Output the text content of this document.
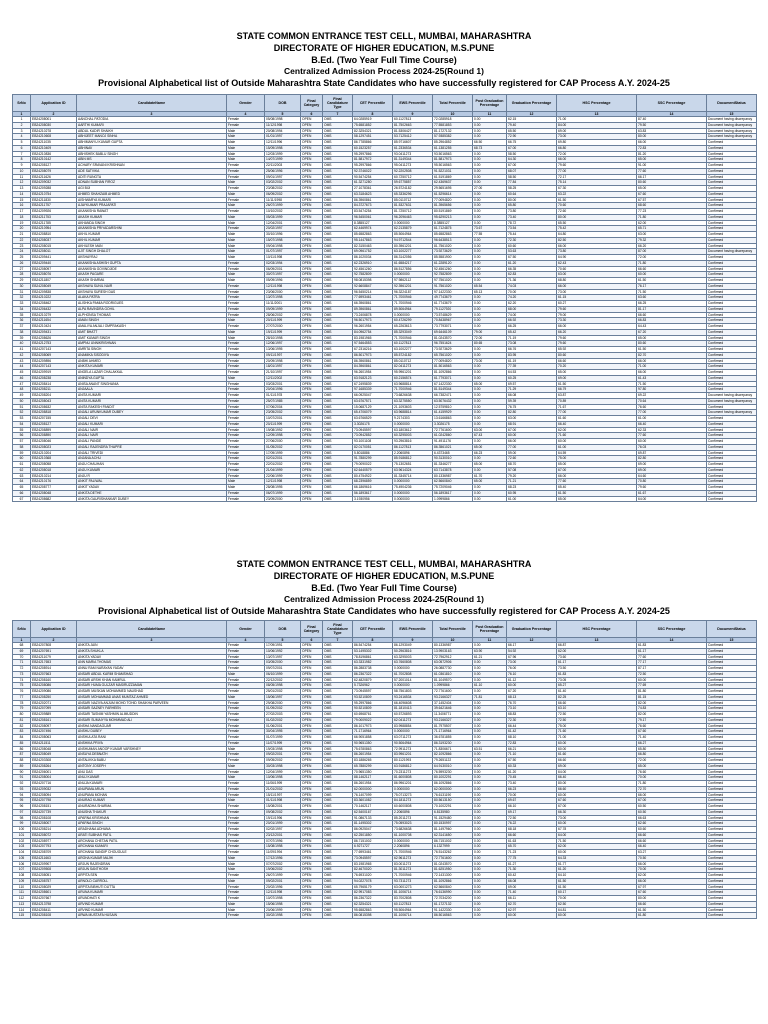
STATE COMMON ENTRANCE TEST CELL, MUMBAI, MAHARASHTRA
DIRECTORATE OF HIGHER EDUCATION, M.S.PUNE
B.Ed. (Two Year Full Time Course)
Centralized Admission Process 2024-25(Round 1)
Provisional Alphabetical list of Outside Maharashtra State Candidates who have successfully registered for CAP Process A.Y. 2024-25
SrNo	Application ID	CandidateName	Gender	DOB	Final Category	Final Candidature Type	CET Percentile	EWS Percentile	Total Percentile	Post Graduation Percentage	Graduation Percentage	HSC Percentage	SSC Percentage	DocumentStatus
1	2	3	4	5	6	7	8	9	10	11	12	13	14	15
1	EB24208001	AANCHAL PATODIA	Female	05/08/1998	OPEN	OMS	64.0285919	60.1127813	72.0285918	0.00	62.15	71.00	87.40	Document having discrepancy
2	EB24208030	AARTHI KUMARI	Female	11/12/1998	OPEN	OMS	75.6581852	81.7502663	77.5581853	0.00	79.40	84.00	79.50	Document having discrepancy
3	EB24210278	ABDUL KADIR SHAIKH	Male	20/08/1994	OPEN	OMS	82.3254321	81.5306427	81.1727132	0.00	65.50	69.00	63.83	Document having discrepancy
4	EB24210608	ABHIJEET MANOJ SINHA	Male	01/01/1997	OPEN	OMS	58.1297451	53.7125412	57.9385382	0.00	72.90	73.00	80.00	Document having discrepancy
5	EB24211035	ABHIMANYU KUMAR GUPTA	Male	12/11/1996	OPEN	OMS	86.7785866	85.9716607	85.2964852	66.50	66.75	69.80	66.00	Confirmed
6	EB24210409	ABHINAV	Male	15/09/1998	OPEN	OMS	60.1523257	61.2336534	61.1381255	68.73	67.00	66.80	72.83	Confirmed
7	EB24210836	ABHISHEK BABLU SINGH	Male	12/03/1999	OPEN	OMS	95.2997866	93.0411273	93.5016563	0.00	58.50	72.00	81.20	Confirmed
8	EB24210142	ABIN MS	Male	14/07/1999	OPEN	OMS	81.5817972	81.3149344	81.5817973	0.00	64.30	66.00	65.00	Confirmed
9	EB24208127	ACHARY SRAVANI KRISHNAN	Female	22/11/2003	OPEN	OMS	95.2997866	95.0411273	95.5016563	0.00	67.00	79.60	91.00	Confirmed
10	EB24208079	ADE SATVIKA	Female	25/06/1996	OPEN	OMS	92.3746022	92.2202508	91.5221031	0.00	68.07	77.00	77.60	Confirmed
11	EB24211626	ADITI RUNGTA	Female	09/01/1997	OPEN	OMS	90.5474254	60.7250712	61.5191869	0.00	58.50	72.17	66.17	Confirmed
12	EB24209032	ADNAN SUBHAN FIROZ	Male	03/02/2002	OPEN	OMS	61.3271280	59.6775857	62.4369637	0.00	77.84	75.14	80.60	Confirmed
13	EB24209288	AGI BIJI	Female	23/08/2002	OPEN	OMS	27.1078361	26.5724182	29.5651695	27.00	58.25	67.30	65.00	Confirmed
14	EB24210754	AHMED SHAHZAIB AHMED	Male	06/09/2002	OPEN	OMS	63.3184623	65.3336296	61.5296614	0.00	60.64	63.22	67.60	Confirmed
15	EB24211830	AISHWARYA KUMARI	Female	11/11/1998	OPEN	OMS	86.3960861	85.0110712	77.0094820	0.00	80.00	61.50	67.57	Confirmed
16	EB24211757	AJAYKUMAR PRAJAPATI	Male	26/07/1999	OPEN	OMS	84.3727673	81.5327631	81.3965656	0.00	65.80	70.60	68.60	Confirmed
17	EB24209926	AKANKSHA RAWAT	Female	10/10/2002	OPEN	OMS	83.5474254	81.7250712	80.5191869	0.00	73.80	72.60	77.23	Confirmed
18	EB24211753	AKASH KUMAR	Male	05/03/1999	OPEN	OMS	96.5450061	96.2096463	95.6290213	0.00	73.40	80.00	71.80	Confirmed
19	EB24211785	AKHANDA SINGH	Male	12/04/2001	OPEN	OMS	8.3855127	0.0000000	8.3855127	0.00	78.72	65.50	62.00	Confirmed
20	EB24210954	AKANKSHA PRIYADARSHINI	Female	20/02/1997	OPEN	OMS	62.4469974	62.2135879	61.7124875	73.67	73.54	75.42	65.71	Confirmed
21	EB24208810	AKHIL KUMAR	Male	30/10/1996	OPEN	OMS	85.6582863	85.5064964	85.6582863	77.55	75.44	64.80	63.00	Confirmed
22	EB24208037	AKHIL KUMAR	Male	15/07/1998	OPEN	OMS	95.1447863	94.9712544	96.6438513	0.00	72.30	82.50	79.32	Confirmed
23	EB24208015	AKHILESH MAN	Male	09/04/1998	OPEN	OMS	82.3150463	80.3961201	81.7561020	0.00	60.60	66.00	66.20	Confirmed
24	EB24208011	AJIT SINGH DHALOT	Male	01/07/1997	OPEN	OMS	69.0961752	63.1002277	73.9273629	0.00	53.63	73.80	87.00	Document having discrepancy
25	EB24209441	AKSHAYRAJ	Male	10/11/1998	OPEN	OMS	86.1020034	86.3142056	85.5581900	0.00	67.50	64.90	72.00	Confirmed
26	EB24209440	AKANKSHA ASHISH GUPTA	Female	02/03/1994	OPEN	OMS	62.2326910	61.6584217	61.2289120	0.00	61.20	62.43	71.80	Confirmed
27	EB24208097	AKANKSHA GOVINDJIDE	Female	06/09/2001	OPEN	OMS	92.4561260	86.5127856	92.4561260	0.00	66.35	70.60	66.60	Confirmed
28	EB24208076	AKASH PAGARE	Male	30/07/1997	OPEN	OMS	92.7582809	0.0000000	92.7582809	0.00	62.83	63.00	60.00	Confirmed
29	EB24211807	AKASH SHARMA	Male	05/09/1996	OPEN	OMS	98.0815398	97.9862112	97.7561020	0.00	71.36	68.80	61.50	Confirmed
30	EB24208049	AKSHAYA SUNIL NAIR	Female	12/11/1998	OPEN	OMS	92.6608847	92.3961201	91.7561020	65.54	74.03	66.00	76.17	Confirmed
31	EB24209838	AKSHAYA SURESH DAS	Female	23/06/2000	OPEN	OMS	96.5450214	96.3224187	97.1422330	65.13	70.00	73.00	71.50	Confirmed
32	EB24210222	ALAKA PATRA	Female	13/07/1998	OPEN	OMS	77.6993461	71.7000946	49.7743679	0.00	74.20	61.15	63.60	Confirmed
33	EB24208462	ALISHKA PAMIA RODRIGUES	Female	11/11/2001	OPEN	OMS	66.3960861	71.7000946	61.7743679	0.00	62.20	60.27	66.25	Confirmed
34	EB24206432	ALPA RAVINDRA GOHIL	Female	09/09/1999	OPEN	OMS	89.3960861	89.5064964	79.1127920	0.00	68.00	79.60	81.17	Confirmed
35	EB24210279	ALPHONSA THOMAS	Female	28/06/2002	OPEN	OMS	73.2406878	0.0000000	73.5748629	0.00	74.00	79.00	66.60	Confirmed
36	EB24211654	AMAN SINGH	Male	20/11/1999	OPEN	OMS	96.5017973	60.4726299	70.8438967	0.00	66.92	73.30	66.83	Confirmed
37	EB24210424	AMALIYA ANJALI OMPRAKASH	Female	27/07/2000	OPEN	OMS	96.2601954	65.2263613	73.7793071	0.00	66.25	66.00	64.43	Confirmed
38	EB24209431	AMIT BHATT	Male	19/11/1999	OPEN	OMS	84.0962754	85.3293049	69.6446109	79.00	65.42	66.20	67.20	Confirmed
39	EB24208626	AMIT KUMAR SINGH	Male	28/10/1998	OPEN	OMS	83.1981965	71.7000946	81.0243570	72.00	71.19	79.60	65.00	Confirmed
40	EB24212753	AMPNU UNNIKRISHNAN	Female	12/06/1997	OPEN	OMS	97.5464553	60.1127813	96.7551624	80.65	73.08	79.60	80.60	Confirmed
41	EB24207143	AMRITA SINGH	Female	13/06/1995	OPEN	OMS	67.2316216	63.1002277	73.9273629	0.00	66.76	65.92	61.50	Confirmed
42	EB24208069	ANAMIKA SISODIYA	Female	09/11/1997	OPEN	OMS	86.5017973	85.5724182	65.7561020	0.00	83.95	80.60	82.70	Confirmed
43	EB24209896	ANBHI AHMED	Female	20/09/1998	OPEN	OMS	86.3960861	85.0110712	77.0094820	73.00	61.19	66.60	66.00	Confirmed
44	EB24207143	ANKITA KUMARI	Female	18/01/1997	OPEN	OMS	84.3960861	82.0411273	81.5016563	0.00	77.39	70.20	71.00	Confirmed
45	EB24209919	ANGELA LAZAR CHALAKKAL	Female	21/10/1997	OPEN	OMS	96.2601954	95.9961201	81.1092866	0.00	64.53	65.00	66.00	Confirmed
46	EB24208238	ANINDYA GUPTA	Male	12/11/2002	OPEN	OMS	63.9182123	60.2156574	61.7793071	0.00	60.25	69.00	61.43	Confirmed
47	EB24208414	ANISA ANANT SINGHANIA	Female	03/03/2001	OPEN	OMS	67.2495839	63.9688814	67.1422330	65.00	69.57	61.50	71.50	Confirmed
48	EB24208211	ANJAALA	Female	20/04/1996	OPEN	OMS	97.1685339	71.7000946	81.5149344	0.00	71.29	66.79	97.80	Confirmed
49	EB24208204	ANITA KUMARI	Female	01/11/1978	OPEN	OMS	66.0925047	73.6826638	66.7382471	0.00	66.08	63.87	69.22	Document having discrepancy
50	EB24208043	ANITA KUMARI	Female	25/07/1985	OPEN	OMS	63.6767571	63.3275550	63.5076432	0.00	59.39	70.89	70.64	Document having discrepancy
51	EB24208632	ANITA RAKESH PANDIT	Female	07/06/2004	OPEN	OMS	15.0687129	21.1093603	12.5759810	0.00	76.75	71.67	76.60	Confirmed
52	EB24208818	ANJALI ARUNKUMAR DUBEY	Female	23/05/2002	OPEN	OMS	65.4706079	63.9688814	61.4159929	0.00	82.80	77.00	77.00	Document having discrepancy
53	EB24207155	ANJALI DEVI	Female	10/07/2001	OPEN	OMS	63.6766529	9.2174303	13.6166863	0.00	63.00	61.60	61.00	Confirmed
54	EB24208127	ANJALI KUMARI	Female	20/11/1999	OPEN	OMS	3.3026175	0.0000000	3.3026175	0.00	68.91	66.40	66.40	Confirmed
55	EB24208899	ANJALI NAIR	Female	19/08/1992	OPEN	OMS	73.0945597	63.1803612	72.7761600	63.00	67.00	62.00	62.33	Confirmed
56	EB24208890	ANJALI NAIR	Female	12/09/1998	OPEN	OMS	73.0942852	60.3295003	61.0242860	67.43	60.00	71.60	77.60	Confirmed
57	EB24208046	ANJALI PANDE	Female	27/06/2000	OPEN	OMS	93.1001108	93.2963816	91.4911176	0.00	66.00	60.00	60.00	Confirmed
58	EB24208023	ANJALI RAJENDRA THAPRE	Female	01/05/2002	OPEN	OMS	82.0170051	86.1127813	86.3561021	65.00	77.00	61.00	76.03	Confirmed
59	EB24210204	ANJALI TRIVEDI	Female	17/09/1999	OPEN	OMS	5.8018886	2.2060896	6.4373465	66.23	59.00	64.59	69.87	Confirmed
60	EB24210368	ANJANA ACHU	Female	02/01/2001	OPEN	OMS	91.7880299	85.9186812	90.3130010	0.00	72.60	75.00	82.80	Confirmed
61	EB24208058	ANJU CHAUHAN	Female	22/01/2002	OPEN	OMS	79.0090022	75.1302651	81.3346277	65.00	68.70	65.00	69.00	Confirmed
62	EB24208018	ANJU KUMARI	Female	21/04/1999	OPEN	OMS	62.6440579	63.9614324	63.7143878	0.00	57.08	67.00	69.00	Confirmed
63	EB24210214	ANJU R	Female	22/06/1999	OPEN	OMS	80.4754922	81.3345714	80.1336987	61.70	79.20	66.00	64.60	Confirmed
64	EB24210176	ANKIT PALIWAL	Male	12/11/1998	OPEN	OMS	68.2396859	0.0000000	62.5660840	65.00	71.21	77.60	70.80	Confirmed
65	EB24208777	ANKIT YADAV	Male	28/08/1995	OPEN	OMS	66.1869616	75.4904236	75.7209046	0.00	68.23	65.40	79.60	Confirmed
66	EB24208048	ANKITA DETHE	Female	06/07/1999	OPEN	OMS	56.1893617	0.0000000	56.1893617	0.00	60.95	61.50	61.67	Confirmed
67	EB24208682	ANKITA GAURISHANKAR DUBEY	Female	23/09/2000	OPEN	OMS	3.1930956	0.0000000	1.0999866	0.00	61.00	65.00	64.00	Confirmed
STATE COMMON ENTRANCE TEST CELL, MUMBAI, MAHARASHTRA
DIRECTORATE OF HIGHER EDUCATION, M.S.PUNE
B.Ed. (Two Year Full Time Course)
Centralized Admission Process 2024-25(Round 1)
Provisional Alphabetical list of Outside Maharashtra State Candidates who have successfully registered for CAP Process A.Y. 2024-25
SrNo	Application ID	CandidateName	Gender	DOB	Final Category	Final Candidature Type	CET Percentile	EWS Percentile	Total Percentile	Post Graduation Percentage	Graduation Percentage	HSC Percentage	SSC Percentage	DocumentStatus
1	2	3	4	5	6	7	8	9	10	11	12	13	14	15
68	EB24207808	ANKITA JAIN	Female	17/09/1991	OPEN	OMS	86.5474254	86.1293049	80.1336987	0.00	66.17	66.87	61.83	Confirmed
69	EB24207691	ANKITA SHUKLA	Female	10/06/1992	OPEN	OMS	53.1495302	50.2963816	13.9903163	63.90	54.92	62.00	61.17	Confirmed
70	EB24211079	ANKITA YADAV	Female	13/07/1997	OPEN	OMS	78.8196861	63.3295003	72.7962912	61.21	67.96	73.60	77.60	Confirmed
71	EB24217653	ANN MARIA THOMAS	Female	03/05/2000	OPEN	OMS	63.3331982	63.7660808	63.0572906	0.00	73.00	61.17	77.17	Confirmed
72	EB24208914	ANNU RAM NARAYAN YADAV	Female	09/07/2001	OPEN	OMS	86.2883738	0.0000000	26.0887730	0.00	76.00	73.50	87.17	Confirmed
73	EB24207663	ANSARI ABDUL KARIM SHAMSHAD	Male	06/10/1999	OPEN	OMS	86.2367322	61.7002808	61.0361810	0.00	76.10	61.83	72.50	Confirmed
74	EB24208160	ANSARI ARSHI KHAN KAMRUL	Female	22/12/2002	OPEN	OMS	62.4820879	57.2001014	81.1049570	0.00	61.12	73.05	60.00	Confirmed
75	EB24208086	ANSARI HUMA GULZAR MASIRUZZAMAN	Female	08/05/1998	OPEN	OMS	5.7326962	0.0000000	1.0999866	61.10	60.00	65.27	77.69	Confirmed
76	EB24209086	ANSARI MUSKAN MOHAMMED NAUSHAD	Female	25/01/2002	OPEN	OMS	73.0945597	58.7561803	72.7761600	0.00	67.20	61.40	81.80	Confirmed
77	EB24208250	ANSARI MOHAMMAD ANAS MUMTAZ AHMED	Male	15/06/1997	OPEN	OMS	93.5210809	93.2416534	93.2166327	71.81	68.13	82.25	81.15	Confirmed
78	EB24202071	ANSARI NAZIYA ANJUM MOHD TOHID SHAIKHA PARVEEN	Female	29/08/2000	OPEN	OMS	95.2997866	66.4096608	37.1452404	0.00	76.70	66.60	82.00	Confirmed
79	EB24207099	ANSARI SAZNEY FARHEEN	Female	01/09/2002	OPEN	OMS	90.5210809	81.1810413	39.6421646	0.00	73.10	63.10	74.83	Confirmed
80	EB24209889	ANSARI TASNIM YASHMIN ALIMUDDIN	Female	27/02/2003	OPEN	OMS	60.6968761	60.5726893	11.3406771	0.00	68.83	72.50	82.00	Confirmed
81	EB24208161	ANSARI SUMAIYYA MOHMMAD ALI	Female	01/02/2002	OPEN	OMS	79.0009022	62.0411273	93.2166327	0.00	72.30	72.50	79.17	Confirmed
82	EB24208097	ANSHA NANDAGUAR	Female	01/06/2001	OPEN	OMS	86.1017973	83.9988854	81.7975507	0.00	66.44	75.00	76.60	Confirmed
83	EB24207496	ANSHU DUBEY	Female	30/04/1995	OPEN	OMS	71.1716964	0.0000000	71.1716964	0.00	61.42	71.60	67.60	Confirmed
84	EB24208063	ANSHULATA RANI	Female	01/07/1999	OPEN	OMS	66.9051858	63.0711273	36.6781855	0.00	68.10	71.00	71.40	Confirmed
85	EB24211511	ANSHIKA PRIYA	Female	11/07/1999	OPEN	OMS	90.9651350	90.5064964	86.3193230	0.00	72.83	60.00	66.27	Confirmed
86	EB24208048	ANSHUMAN ANOOP KUMAR VARSHNEY	Male	19/03/1998	OPEN	OMS	75.6780863	72.9911273	71.8306671	63.51	66.21	60.00	65.80	Confirmed
87	EB24208049	ANSUYA DEBNATH	Female	09/02/2001	OPEN	OMS	86.2601954	83.9961201	82.1092866	0.00	71.10	61.60	66.80	Confirmed
88	EB24203308	ANTALIKKA BABU	Female	09/05/2002	OPEN	OMS	83.1886265	80.1121993	79.2651122	0.00	67.50	66.60	72.00	Confirmed
89	EB24208264	ANTONY JOSEPH	Male	30/03/1998	OPEN	OMS	65.7880299	63.9186812	64.9130010	0.00	60.33	69.00	65.00	Confirmed
90	EB24206001	ANU DAS	Female	12/04/1999	OPEN	OMS	70.9651350	70.2311273	76.5993230	0.00	61.20	64.00	76.60	Confirmed
91	EB24208004	ANUJ KUMAR	Male	10/06/1998	OPEN	OMS	88.1462117	81.6000808	80.1002291	0.00	70.45	66.40	70.00	Confirmed
92	EB24207716	ANUJA KUMARI	Female	11/06/1999	OPEN	OMS	86.2601954	86.9961201	86.1092866	0.00	73.40	80.00	71.80	Confirmed
93	EB24209032	ANUPAMA ARUN	Female	21/01/2002	OPEN	OMS	62.0000000	0.0000000	62.0000000	0.00	66.23	66.60	72.70	Confirmed
94	EB24208094	ANUPAMA MOHAN	Female	15/11/1997	OPEN	OMS	76.1407099	75.0713273	76.6131190	0.00	70.00	60.00	66.00	Confirmed
95	EB24207798	ANURAG KUMAR	Male	01/11/1998	OPEN	OMS	83.3601082	84.1811273	80.5613150	0.00	69.67	67.60	67.00	Confirmed
96	EB24208151	ANURADHA SHARMA	Female	15/08/2001	OPEN	OMS	70.1462117	60.6000808	70.1002291	0.00	66.10	67.00	60.50	Confirmed
97	EB24207739	ANUSHA THAKUR	Female	09/08/2002	OPEN	OMS	62.5400167	2.2060896	6.8135980	0.00	69.17	66.30	60.50	Confirmed
98	EB24208108	APARNA KRISHNAN	Female	19/11/1996	OPEN	OMS	91.0867133	85.2011273	91.1529480	0.00	72.50	73.00	66.63	Confirmed
99	EB24208007	APARNA SINGH	Female	20/01/1999	OPEN	OMS	81.1495302	75.0593023	80.1530997	0.00	76.22	60.00	62.60	Confirmed
100	EB24208214	ARADHANA ADHANA	Female	02/02/1997	OPEN	OMS	86.0925047	73.6826638	81.1497960	0.00	68.18	67.78	60.60	Confirmed
101	EB24208072	ARATI SUBHAS PATIL	Female	23/12/2001	OPEN	OMS	62.2501850	61.1000708	62.3141650	0.00	66.60	64.00	66.60	Confirmed
102	EB24208977	ARCHANA CHETAN PATIL	Female	07/07/1996	OPEN	OMS	86.7151002	0.0000000	86.7151002	0.00	61.63	71.50	66.60	Confirmed
103	EB24207793	ARCHANA KUMARI	Female	15/08/1998	OPEN	OMS	6.9271727	2.2060896	6.1327999	0.00	65.70	62.00	66.40	Confirmed
104	EB24208709	ARCHANA SANDIP CHOUGULE	Female	11/09/1994	OPEN	OMS	77.6993461	71.7000946	76.5143262	0.00	71.23	60.00	63.27	Confirmed
105	EB24211663	ARGHA KUMAR MAJHI	Male	17/12/1996	OPEN	OMS	73.0945597	62.9611273	72.7761600	0.00	77.75	64.33	70.50	Confirmed
106	EB24209907	ARJUN RAJENDRAN	Male	07/07/2002	OPEN	OMS	83.1981965	83.0011273	81.0243570	0.00	61.27	61.77	66.00	Confirmed
107	EB24209508	ARJUN SANTHOSH	Male	19/06/2002	OPEN	OMS	82.4670020	81.3011273	81.6251950	0.00	71.30	61.20	70.00	Confirmed
108	EB24208051	ARPITA SEN	Female	26/07/1999	OPEN	OMS	76.6931020	71.7000946	72.1431300	0.00	60.42	64.10	62.00	Confirmed
109	EB24208757	ARNOLD CARROLL	Male	09/02/2001	OPEN	OMS	94.0227078	93.7311273	81.1092866	0.00	66.08	61.50	66.00	Confirmed
110	EB24208029	ARPITA BIBHUTI DUTTA	Female	20/02/1996	OPEN	OMS	65.7965179	63.0001273	62.5660840	0.00	69.00	61.50	67.97	Confirmed
111	EB24208601	ARUNA KUMARI	Female	12/11/1998	OPEN	OMS	82.9917083	81.1006714	76.6136990	0.00	71.40	60.17	67.60	Confirmed
112	EB24207667	ARUNDHATI K	Female	10/07/1998	OPEN	OMS	86.2367322	83.7002808	72.7034200	0.00	66.11	70.00	80.00	Confirmed
113	EB24213798	ARVIND KUMAR	Male	15/06/1998	OPEN	OMS	62.3254321	60.1127813	61.1727132	0.00	62.70	62.50	66.60	Confirmed
114	EB24208411	ARVIND KUMAR	Male	20/06/1999	OPEN	OMS	95.6582863	95.5064964	91.1422330	0.00	62.97	64.81	61.50	Confirmed
115	EB24208108	ARWA MUSTAFA HUSAIN	Female	30/02/1998	OPEN	OMS	86.0815398	81.1006714	86.5016563	0.00	60.00	60.00	61.80	Confirmed
